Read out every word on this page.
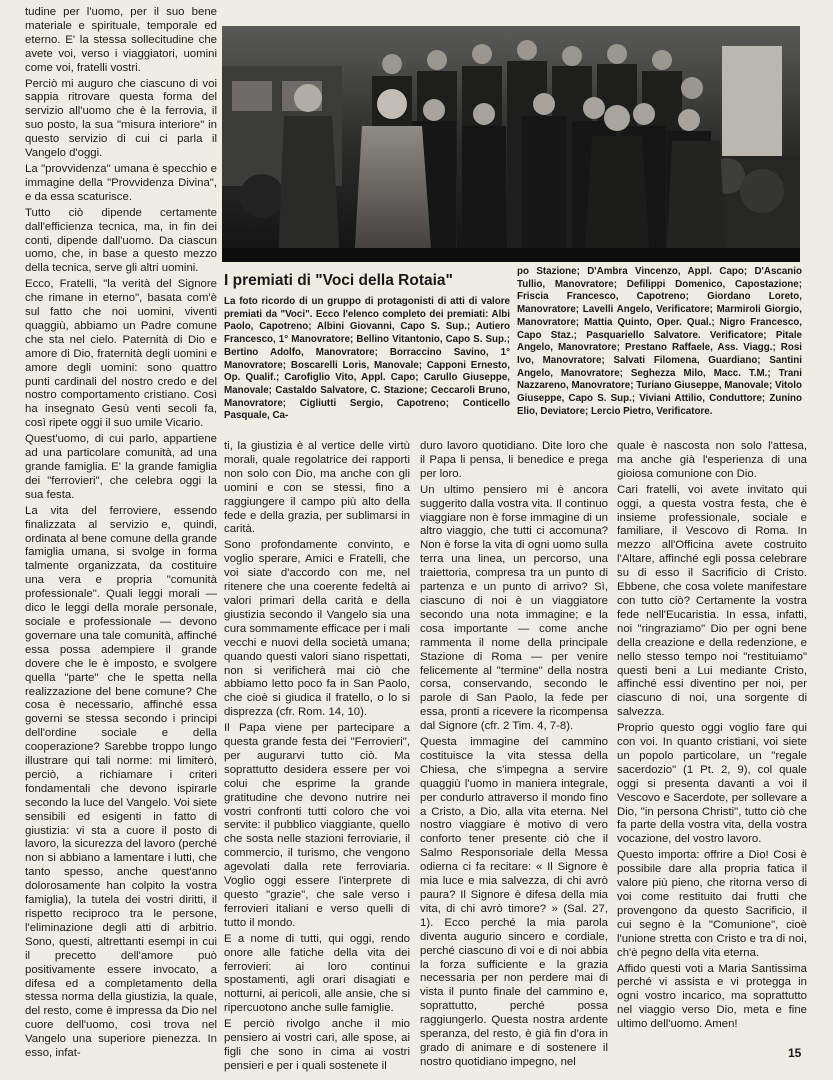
tudine per l'uomo, per il suo bene materiale e spirituale, temporale ed eterno. E' la stessa sollecitudine che avete voi, verso i viaggiatori, uomini come voi, fratelli vostri.

Perciò mi auguro che ciascuno di voi sappia ritrovare questa forma del servizio all'uomo che è la ferrovia, il suo posto, la sua "misura interiore" in questo servizio di cui ci parla il Vangelo d'oggi.

La "provvidenza" umana è specchio e immagine della "Provvidenza Divina", e da essa scaturisce.

Tutto ciò dipende certamente dall'efficienza tecnica, ma, in fin dei conti, dipende dall'uomo. Da ciascun uomo, che, in base a questo mezzo della tecnica, serve gli altri uomini.

Ecco, Fratelli, "la verità del Signore che rimane in eterno", basata com'è sul fatto che noi uomini, viventi quaggiù, abbiamo un Padre comune che sta nel cielo. Paternità di Dio e amore di Dio, fraternità degli uomini e amore degli uomini: sono quattro punti cardinali del nostro credo e del nostro comportamento cristiano. Così ha insegnato Gesù venti secoli fa, così ripete oggi il suo umile Vicario.

Quest'uomo, di cui parlo, appartiene ad una particolare comunità, ad una grande famiglia. E' la grande famiglia dei "ferrovieri", che celebra oggi la sua festa.

La vita del ferroviere, essendo finalizzata al servizio e, quindi, ordinata al bene comune della grande famiglia umana, si svolge in forma talmente organizzata, da costituire una vera e propria "comunità professionale". Quali leggi morali — dico le leggi della morale personale, sociale e professionale — devono governare una tale comunità, affinché essa possa adempiere il grande dovere che le è imposto, e svolgere quella "parte" che le spetta nella realizzazione del bene comune? Che cosa è necessario, affinché essa governi se stessa secondo i principi dell'ordine sociale e della cooperazione? Sarebbe troppo lungo illustrare qui tali norme: mi limiterò, perciò, a richiamare i criteri fondamentali che devono ispirarle secondo la luce del Vangelo. Voi siete sensibili ed esigenti in fatto di giustizia: vi sta a cuore il posto di lavoro, la sicurezza del lavoro (perché non si abbiano a lamentare i lutti, che tanto spesso, anche quest'anno dolorosamente han colpito la vostra famiglia), la tutela dei vostri diritti, il rispetto reciproco tra le persone, l'eliminazione degli atti di arbitrio. Sono, questi, altrettanti esempi in cui il precetto dell'amore può positivamente essere invocato, a difesa ed a completamento della stessa norma della giustizia, la quale, del resto, come è impressa da Dio nel cuore dell'uomo, così trova nel Vangelo una superiore pienezza. In esso, infat-

I premiati di "Voci della Rotaia"
La foto ricordo di un gruppo di protagonisti di atti di valore premiati da "Voci". Ecco l'elenco completo dei premiati: Albi Paolo, Capotreno; Albini Giovanni, Capo S. Sup.; Autiero Francesco, 1° Manovratore; Bellino Vitantonio, Capo S. Sup.; Bertino Adolfo, Manovratore; Borraccino Savino, 1° Manovratore; Boscarelli Loris, Manovale; Capponi Ernesto, Op. Qualif.; Carofiglio Vito, Appl. Capo; Carullo Giuseppe, Manovale; Castaldo Salvatore, C. Stazione; Ceccaroli Bruno, Manovratore; Cigliutti Sergio, Capotreno; Conticello Pasquale, Ca-
po Stazione; D'Ambra Vincenzo, Appl. Capo; D'Ascanio Tullio, Manovratore; Defilippi Domenico, Capostazione; Friscia Francesco, Capotreno; Giordano Loreto, Manovratore; Lavelli Angelo, Verificatore; Marmiroli Giorgio, Manovratore; Mattia Quinto, Oper. Qual.; Nigro Francesco, Capo Staz.; Pasquariello Salvatore. Verificatore; Pitale Angelo, Manovratore; Prestano Raffaele, Ass. Viagg.; Rosi Ivo, Manovratore; Salvati Filomena, Guardiano; Santini Angelo, Manovratore; Seghezza Milo, Macc. T.M.; Trani Nazzareno, Manovratore; Turiano Giuseppe, Manovale; Vitolo Giuseppe, Capo S. Sup.; Viviani Attilio, Conduttore; Zunino Elio, Deviatore; Lercio Pietro, Verificatore.

ti, la giustizia è al vertice delle virtù morali, quale regolatrice dei rapporti non solo con Dio, ma anche con gli uomini e con se stessi, fino a raggiungere il campo più alto della fede e della grazia, per sublimarsi in carità.

Sono profondamente convinto, e voglio sperare, Amici e Fratelli, che voi siate d'accordo con me, nel ritenere che una coerente fedeltà ai valori primari della carità e della giustizia secondo il Vangelo sia una cura sommamente efficace per i mali vecchi e nuovi della società umana; quando questi valori siano rispettati, non si verificherà mai ciò che abbiamo letto poco fa in San Paolo, che cioè si giudica il fratello, o lo si disprezza (cfr. Rom. 14, 10).

Il Papa viene per partecipare a questa grande festa dei "Ferrovieri", per augurarvi tutto ciò. Ma soprattutto desidera essere per voi colui che esprime la grande gratitudine che devono nutrire nei vostri confronti tutti coloro che voi servite: il pubblico viaggiante, quello che sosta nelle stazioni ferroviarie, il commercio, il turismo, che vengono agevolati dalla rete ferroviaria. Voglio oggi essere l'interprete di questo "grazie", che sale verso i ferrovieri italiani e verso quelli di tutto il mondo.

E a nome di tutti, qui oggi, rendo onore alle fatiche della vita dei ferrovieri: ai loro continui spostamenti, agli orari disagiati e notturni, ai pericoli, alle ansie, che si ripercuotono anche sulle famiglie.

E perciò rivolgo anche il mio pensiero ai vostri cari, alle spose, ai figli che sono in cima ai vostri pensieri e per i quali sostenete il

duro lavoro quotidiano. Dite loro che il Papa li pensa, li benedice e prega per loro.

Un ultimo pensiero mi è ancora suggerito dalla vostra vita. Il continuo viaggiare non è forse immagine di un altro viaggio, che tutti ci accomuna? Non è forse la vita di ogni uomo sulla terra una linea, un percorso, una traiettoria, compresa tra un punto di partenza e un punto di arrivo? Sì, ciascuno di noi è un viaggiatore secondo una nota immagine; e la cosa importante — come anche rammenta il nome della principale Stazione di Roma — per venire felicemente al "termine" della nostra corsa, conservando, secondo le parole di San Paolo, la fede per essa, pronti a ricevere la ricompensa dal Signore (cfr. 2 Tim. 4, 7-8).

Questa immagine del cammino costituisce la vita stessa della Chiesa, che s'impegna a servire quaggiù l'uomo in maniera integrale, per condurlo attraverso il mondo fino a Cristo, a Dio, alla vita eterna. Nel nostro viaggiare è motivo di vero conforto tener presente ciò che il Salmo Responsoriale della Messa odierna ci fa recitare: « Il Signore è mia luce e mia salvezza, di chi avrò paura? Il Signore è difesa della mia vita, di chi avrò timore? » (Sal. 27, 1). Ecco perché la mia parola diventa augurio sincero e cordiale, perché ciascuno di voi e di noi abbia la forza sufficiente e la grazia necessaria per non perdere mai di vista il punto finale del cammino e, soprattutto, perché possa raggiungerlo. Questa nostra ardente speranza, del resto, è già fin d'ora in grado di animare e di sostenere il nostro quotidiano impegno, nel

quale è nascosta non solo l'attesa, ma anche già l'esperienza di una gioiosa comunione con Dio.

Cari fratelli, voi avete invitato qui oggi, a questa vostra festa, che è insieme professionale, sociale e familiare, il Vescovo di Roma. In mezzo all'Officina avete costruito l'Altare, affinché egli possa celebrare su di esso il Sacrificio di Cristo. Ebbene, che cosa volete manifestare con tutto ciò? Certamente la vostra fede nell'Eucaristia. In essa, infatti, noi "ringraziamo" Dio per ogni bene della creazione e della redenzione, e nello stesso tempo noi "restituiamo" questi beni a Lui mediante Cristo, affinché essi diventino per noi, per ciascuno di noi, una sorgente di salvezza.

Proprio questo oggi voglio fare qui con voi. In quanto cristiani, voi siete un popolo particolare, un "regale sacerdozio" (1 Pt. 2, 9), col quale oggi si presenta davanti a voi il Vescovo e Sacerdote, per sollevare a Dio, "in persona Christi", tutto ciò che fa parte della vostra vita, della vostra vocazione, del vostro lavoro.

Questo importa: offrire a Dio! Cosi è possibile dare alla propria fatica il valore più pieno, che ritorna verso di voi come restituito dai frutti che provengono da questo Sacrificio, il cui segno è la "Comunione", cioè l'unione stretta con Cristo e tra di noi, ch'è pegno della vita eterna.

Affido questi voti a Maria Santissima perché vi assista e vi protegga in ogni vostro incarico, ma soprattutto nel viaggio verso Dio, meta e fine ultimo dell'uomo. Amen!

15
